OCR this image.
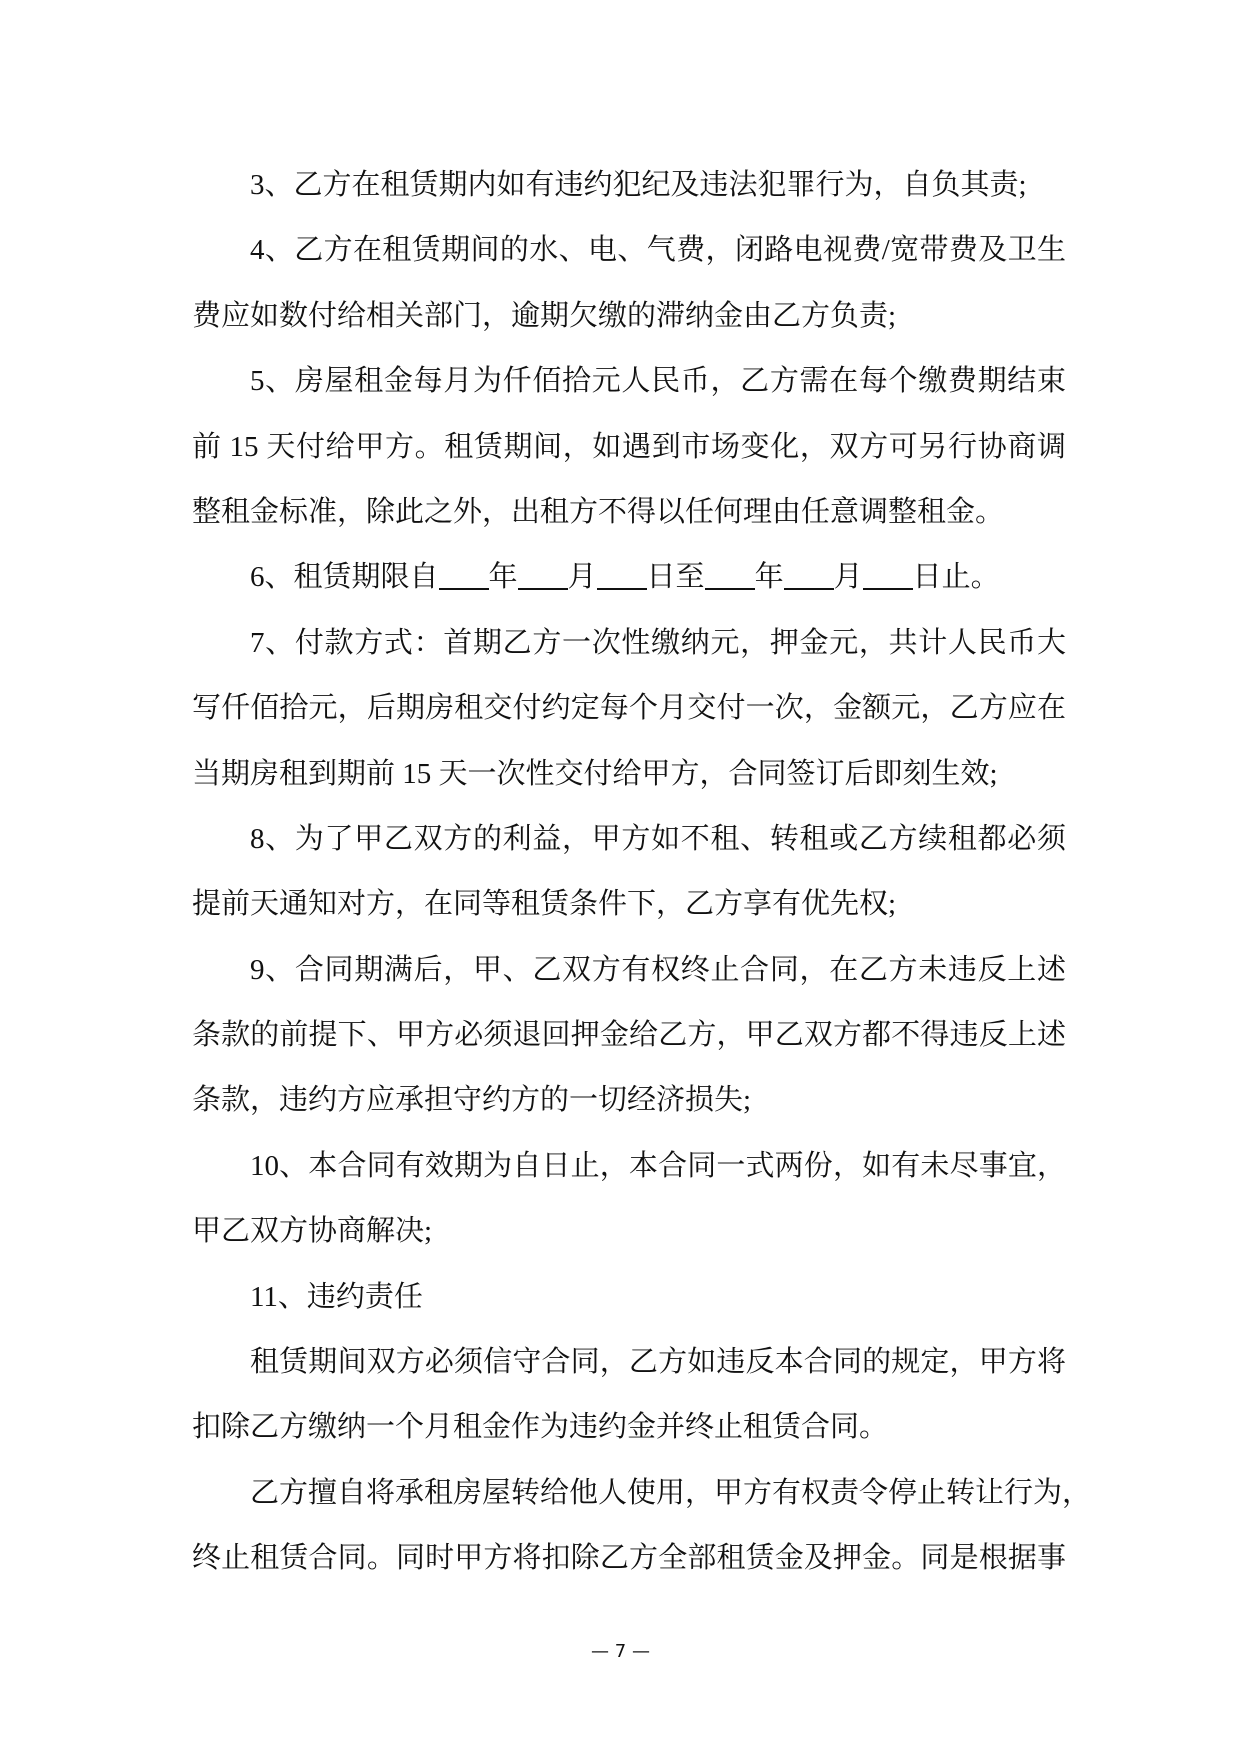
3、乙方在租赁期内如有违约犯纪及违法犯罪行为，自负其责;
4、乙方在租赁期间的水、电、气费，闭路电视费/宽带费及卫生
费应如数付给相关部门，逾期欠缴的滞纳金由乙方负责;
5、房屋租金每月为仟佰拾元人民币，乙方需在每个缴费期结束
前 15 天付给甲方。租赁期间，如遇到市场变化，双方可另行协商调
整租金标准，除此之外，出租方不得以任何理由任意调整租金。
6、租赁期限自 年 月 日至 年 月 日止。
7、付款方式：首期乙方一次性缴纳元，押金元，共计人民币大
写仟佰拾元，后期房租交付约定每个月交付一次，金额元，乙方应在
当期房租到期前 15 天一次性交付给甲方，合同签订后即刻生效;
8、为了甲乙双方的利益，甲方如不租、转租或乙方续租都必须
提前天通知对方，在同等租赁条件下，乙方享有优先权;
9、合同期满后，甲、乙双方有权终止合同，在乙方未违反上述
条款的前提下、甲方必须退回押金给乙方，甲乙双方都不得违反上述
条款，违约方应承担守约方的一切经济损失;
10、本合同有效期为自日止，本合同一式两份，如有未尽事宜，
甲乙双方协商解决;
11、违约责任
租赁期间双方必须信守合同，乙方如违反本合同的规定，甲方将
扣除乙方缴纳一个月租金作为违约金并终止租赁合同。
乙方擅自将承租房屋转给他人使用，甲方有权责令停止转让行为，
终止租赁合同。同时甲方将扣除乙方全部租赁金及押金。同是根据事
— 7 —
